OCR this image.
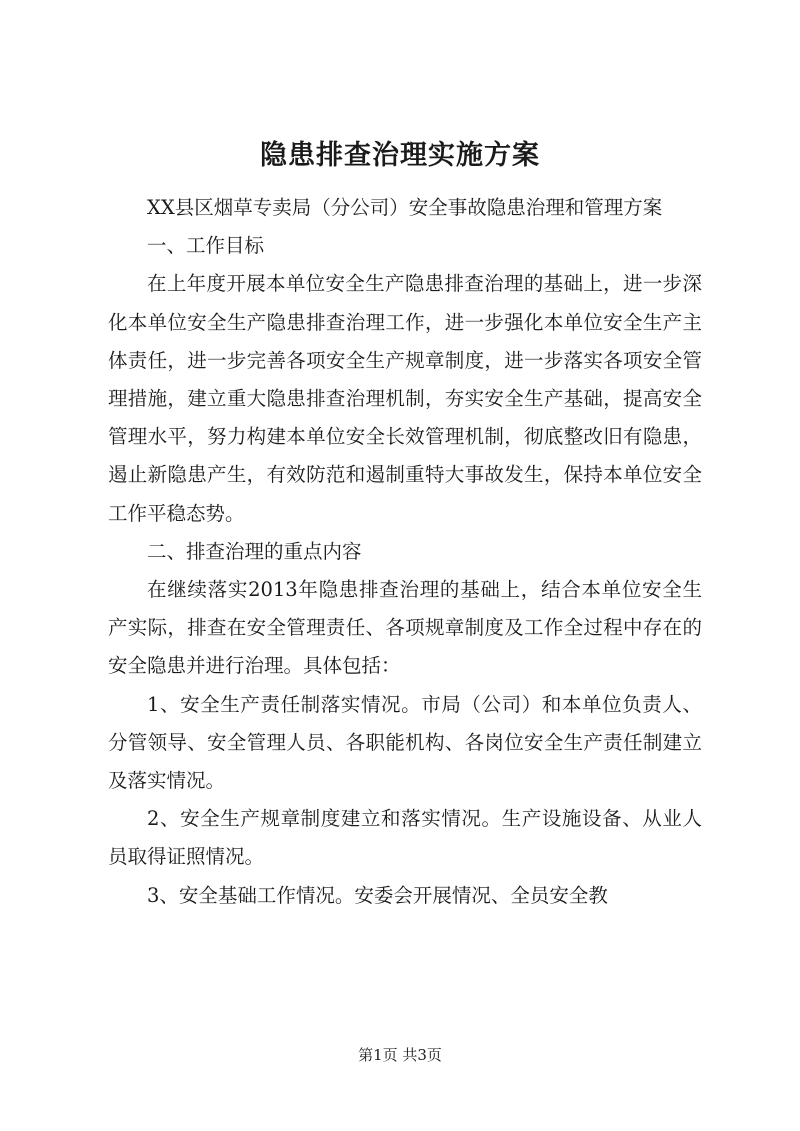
隐患排查治理实施方案

XX县区烟草专卖局（分公司）安全事故隐患治理和管理方案

一、工作目标

在上年度开展本单位安全生产隐患排查治理的基础上，进一步深化本单位安全生产隐患排查治理工作，进一步强化本单位安全生产主体责任，进一步完善各项安全生产规章制度，进一步落实各项安全管理措施，建立重大隐患排查治理机制，夯实安全生产基础，提高安全管理水平，努力构建本单位安全长效管理机制，彻底整改旧有隐患，遏止新隐患产生，有效防范和遏制重特大事故发生，保持本单位安全工作平稳态势。

二、排查治理的重点内容

在继续落实2013年隐患排查治理的基础上，结合本单位安全生产实际，排查在安全管理责任、各项规章制度及工作全过程中存在的安全隐患并进行治理。具体包括：

1、安全生产责任制落实情况。市局（公司）和本单位负责人、分管领导、安全管理人员、各职能机构、各岗位安全生产责任制建立及落实情况。

2、安全生产规章制度建立和落实情况。生产设施设备、从业人员取得证照情况。

3、安全基础工作情况。安委会开展情况、全员安全教

第1页 共3页
